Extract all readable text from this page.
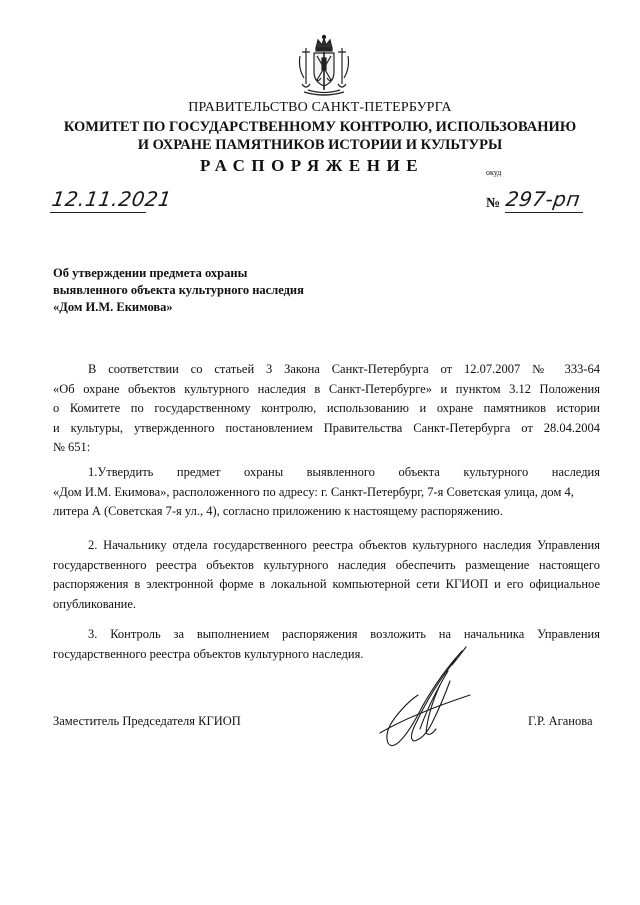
ПРАВИТЕЛЬСТВО САНКТ-ПЕТЕРБУРГА
КОМИТЕТ ПО ГОСУДАРСТВЕННОМУ КОНТРОЛЮ, ИСПОЛЬЗОВАНИЮ
И ОХРАНЕ ПАМЯТНИКОВ ИСТОРИИ И КУЛЬТУРЫ
РАСПОРЯЖЕНИЕ	окуд
12.11.2021	№ 297-рп
Об утверждении предмета охраны
выявленного объекта культурного наследия
«Дом И.М. Екимова»
В соответствии со статьей 3 Закона Санкт-Петербурга от 12.07.2007 № 333-64
«Об охране объектов культурного наследия в Санкт-Петербурге» и пунктом 3.12 Положения
о Комитете по государственному контролю, использованию и охране памятников истории
и культуры, утвержденного постановлением Правительства Санкт-Петербурга от 28.04.2004
№ 651:
1.Утвердить предмет охраны выявленного объекта культурного наследия
«Дом И.М. Екимова», расположенного по адресу: г. Санкт-Петербург, 7-я Советская улица, дом 4,
литера А (Советская 7-я ул., 4), согласно приложению к настоящему распоряжению.
2. Начальнику отдела государственного реестра объектов культурного наследия Управления
государственного реестра объектов культурного наследия обеспечить размещение настоящего
распоряжения в электронной форме в локальной компьютерной сети КГИОП и его официальное
опубликование.
3. Контроль за выполнением распоряжения возложить на начальника Управления
государственного реестра объектов культурного наследия.
Заместитель Председателя КГИОП	Г.Р. Аганова
